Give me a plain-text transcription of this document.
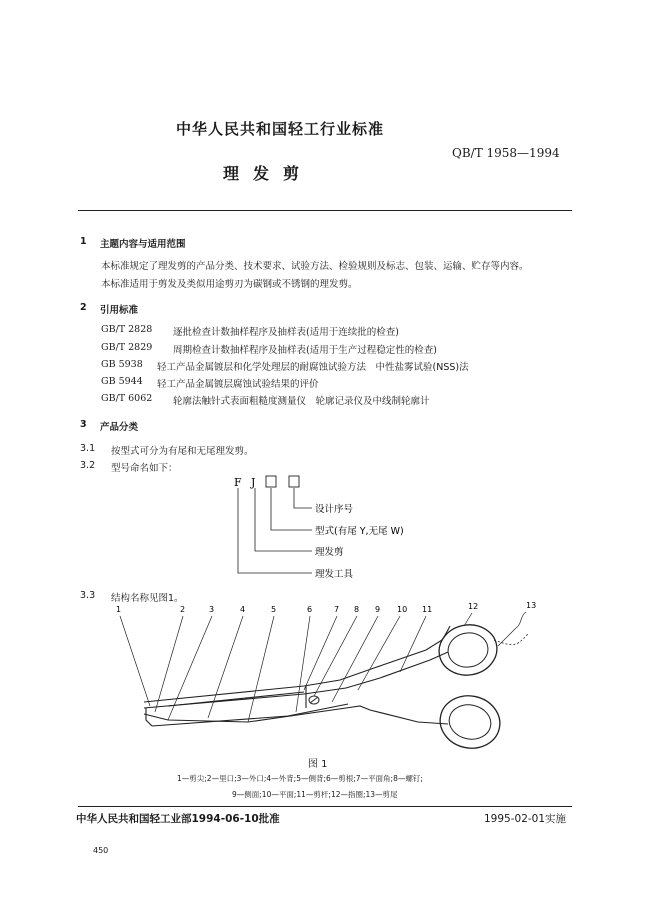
中华人民共和国轻工行业标准
QB/T 1958—1994
理发剪
1 主题内容与适用范围
本标准规定了理发剪的产品分类、技术要求、试验方法、检验规则及标志、包装、运输、贮存等内容。
本标准适用于剪发及类似用途剪刃为碳钢或不锈钢的理发剪。
2 引用标准
GB/T 2828 逐批检查计数抽样程序及抽样表(适用于连续批的检查)
GB/T 2829 周期检查计数抽样程序及抽样表(适用于生产过程稳定性的检查)
GB 5938 轻工产品金属镀层和化学处理层的耐腐蚀试验方法　中性盐雾试验(NSS)法
GB 5944 轻工产品金属镀层腐蚀试验结果的评价
GB/T 6062 轮廓法触针式表面粗糙度测量仪　轮廓记录仪及中线制轮廓计
3 产品分类
3.1 按型式可分为有尾和无尾理发剪。
3.2 型号命名如下：
F J
设计序号
型式(有尾 Y,无尾 W)
理发剪
理发工具
3.3 结构名称见图1。
1	2	3	4	5	6	7 8 9 10 11	12	13
图 1
1—剪尖;2—里口;3—外口;4—外背;5—侧背;6—剪根;7—平面角;8—螺钉;
9—侧面;10—平面;11—剪杆;12—指圈;13—剪尾
中华人民共和国轻工业部1994-06-10批准	1995-02-01实施
450
